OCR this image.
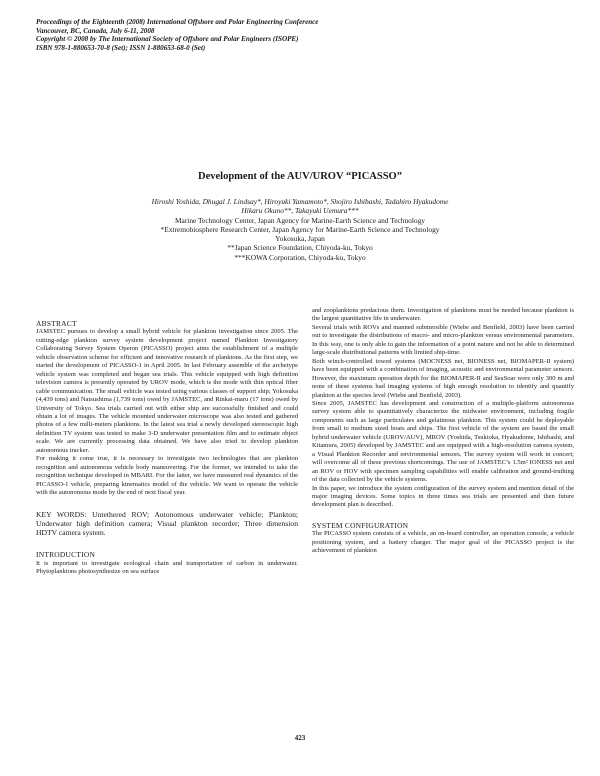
Proceedings of the Eighteenth (2008) International Offshore and Polar Engineering Conference
Vancouver, BC, Canada, July 6-11, 2008
Copyright © 2008 by The International Society of Offshore and Polar Engineers (ISOPE)
ISBN 978-1-880653-70-8 (Set); ISSN 1-880653-68-0 (Set)
Development of the AUV/UROV “PICASSO”
Hiroshi Yoshida, Dhugal J. Lindsay*, Hiroyuki Yamamoto*, Shojiro Ishibashi, Tadahiro Hyakudome
Hikaru Okuno**, Takayuki Uemura***
Marine Technology Center, Japan Agency for Marine-Earth Science and Technology
*Extremobiosphere Research Center, Japan Agency for Marine-Earth Science and Technology
Yokosuka, Japan
**Japan Science Foundation, Chiyoda-ku, Tokyo
***KOWA Corporation, Chiyoda-ku, Tokyo

ABSTRACT

JAMSTEC pursues to develop a small hybrid vehicle for plankton investigation since 2005. The cutting-edge plankton survey system development project named Plankton Investigatory Collaborating Survey System Operon (PICASSO) project aims the establishment of a multiple vehicle observation scheme for efficient and innovative research of planktons. As the first step, we started the development of PICASSO-1 in April 2005. In last February assemble of the archetype vehicle system was completed and began sea trials. This vehicle equipped with high definition television camera is presently operated by UROV mode, which is the mode with thin optical fiber cable communication. The small vehicle was tested using various classes of support ship; Yokosuka (4,439 tons) and Natsushima (1,739 tons) owed by JAMSTEC, and Rinkai-maru (17 tons) owed by University of Tokyo. Sea trials carried out with either ship are successfully finished and could obtain a lot of images. The vehicle mounted underwater microscope was also tested and gathered photos of a few milli-meters planktons. In the latest sea trial a newly developed stereoscopic high definition TV system was tested to make 3-D underwater presentation film and to estimate object scale. We are currently processing data obtained. We have also tried to develop plankton autonomous tracker.

For making it come true, it is necessary to investigate two technologies that are plankton recognition and autonomous vehicle body maneuvering. For the former, we intended to take the recognition technique developed in MBARI. For the latter, we have measured real dynamics of the PICASSO-1 vehicle, preparing kinematics model of the vehicle. We want to operate the vehicle with the autonomous mode by the end of next fiscal year.

KEY WORDS: Untethered ROV; Autonomous underwater vehicle; Plankton; Underwater high definition camera; Visual plankton recorder; Three dimension HDTV camera system.

INTRODUCTION

It is important to investigate ecological chain and transportation of carbon in underwater. Phytoplanktons photosynthesize on sea surface

and zooplanktons predacious them. Investigation of planktons must be needed because plankton is the largest quantitative life in underwater.

Several trials with ROVs and manned submersible (Wiebe and Benfield, 2003) have been carried out to investigate the distributions of macro- and micro-plankton versus environmental parameters. In this way, one is only able to gain the information of a point nature and not be able to determined large-scale distributional patterns with limited ship-time.

Both winch-controlled towed systems (MOCNESS net, BIONESS net, BIOMAPER-II system) have been equipped with a combination of imaging, acoustic and environmental parameter sensors. However, the maximum operation depth for the BIOMAPER-II and SeaSoar were only 300 m and none of these systems had imaging systems of high enough resolution to identify and quantify plankton at the species level (Wiebe and Benfield, 2003).

Since 2005, JAMSTEC has development and construction of a multiple-platform autonomous survey system able to quantitatively characterize the midwater environment, including fragile components such as large particulates and gelatinous plankton. This system could be deployable from small to medium sized boats and ships. The first vehicle of the system are based the small hybrid underwater vehicle (UROV/AUV), MROV (Yoshida, Tsukioka, Hyakudome, Ishibashi, and Kitamura, 2005) developed by JAMSTEC and are equipped with a high-resolution camera system, a Visual Plankton Recorder and environmental sensors. The survey system will work in concert; will overcome all of these previous shortcomings. The use of JAMSTEC’s 1.5m² IONESS net and an ROV or HOV with specimen sampling capabilities will enable calibration and ground-truthing of the data collected by the vehicle systems.

In this paper, we introduce the system configuration of the survey system and mention detail of the major imaging devices. Some topics in three times sea trials are presented and then future development plan is described.

SYSTEM CONFIGURATION

The PICASSO system consists of a vehicle, an on-board controller, an operation console, a vehicle positioning system, and a battery charger. The major goal of the PICASSO project is the achievement of plankton

423
